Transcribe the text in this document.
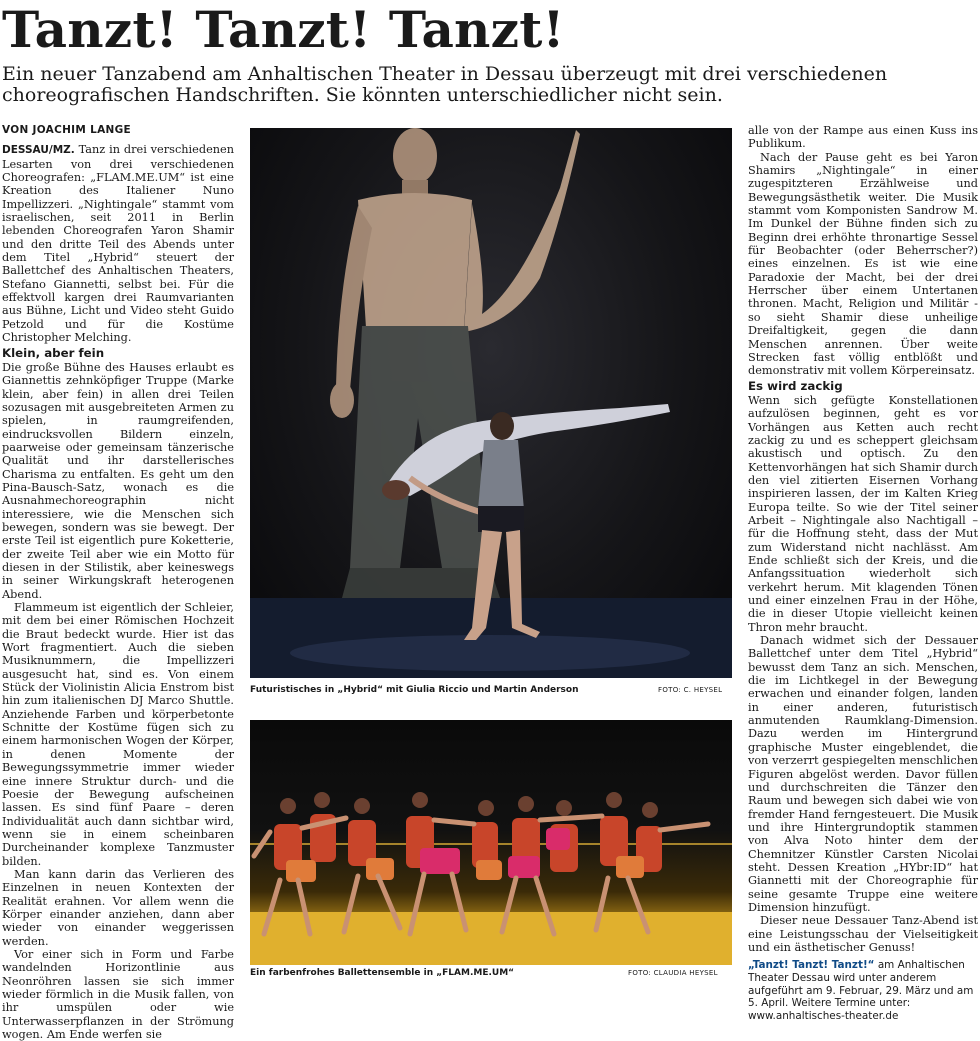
Tanzt! Tanzt! Tanzt!
Ein neuer Tanzabend am Anhaltischen Theater in Dessau überzeugt mit drei verschiedenen choreografischen Handschriften. Sie könnten unterschiedlicher nicht sein.
VON JOACHIM LANGE

DESSAU/MZ. Tanz in drei verschiedenen Lesarten von drei verschiedenen Choreografen: „FLAM.ME.UM“ ist eine Kreation des Italiener Nuno Impellizzeri. „Nightingale“ stammt vom israelischen, seit 2011 in Berlin lebenden Choreografen Yaron Shamir und den dritte Teil des Abends unter dem Titel „Hybrid“ steuert der Ballettchef des Anhaltischen Theaters, Stefano Giannetti, selbst bei. Für die effektvoll kargen drei Raumvarianten aus Bühne, Licht und Video steht Guido Petzold und für die Kostüme Christopher Melching.

Klein, aber fein

Die große Bühne des Hauses erlaubt es Giannettis zehnköpfiger Truppe (Marke klein, aber fein) in allen drei Teilen sozusagen mit ausgebreiteten Armen zu spielen, in raumgreifenden, eindrucksvollen Bildern einzeln, paarweise oder gemeinsam tänzerische Qualität und ihr darstellerisches Charisma zu entfalten. Es geht um den Pina-Bausch-Satz, wonach es die Ausnahmechoreographin nicht interessiere, wie die Menschen sich bewegen, sondern was sie bewegt. Der erste Teil ist eigentlich pure Koketterie, der zweite Teil aber wie ein Motto für diesen in der Stilistik, aber keineswegs in seiner Wirkungskraft heterogenen Abend.

Flammeum ist eigentlich der Schleier, mit dem bei einer Römischen Hochzeit die Braut bedeckt wurde. Hier ist das Wort fragmentiert. Auch die sieben Musiknummern, die Impellizzeri ausgesucht hat, sind es. Von einem Stück der Violinistin Alicia Enstrom bist hin zum italienischen DJ Marco Shuttle. Anziehende Farben und körperbetonte Schnitte der Kostüme fügen sich zu einem harmonischen Wogen der Körper, in denen Momente der Bewegungssymmetrie immer wieder eine innere Struktur durch- und die Poesie der Bewegung aufscheinen lassen. Es sind fünf Paare – deren Individualität auch dann sichtbar wird, wenn sie in einem scheinbaren Durcheinander komplexe Tanzmuster bilden.

Man kann darin das Verlieren des Einzelnen in neuen Kontexten der Realität erahnen. Vor allem wenn die Körper einander anziehen, dann aber wieder von einander weggerissen werden.

Vor einer sich in Form und Farbe wandelnden Horizontlinie aus Neonröhren lassen sie sich immer wieder förmlich in die Musik fallen, von ihr umspülen oder wie Unterwasserpflanzen in der Strömung wogen. Am Ende werfen sie

Futuristisches in „Hybrid“ mit Giulia Riccio und Martin Anderson	FOTO: C. HEYSEL
Ein farbenfrohes Ballettensemble in „FLAM.ME.UM“	FOTO: CLAUDIA HEYSEL

alle von der Rampe aus einen Kuss ins Publikum.

Nach der Pause geht es bei Yaron Shamirs „Nightingale“ in einer zugespitzteren Erzählweise und Bewegungsästhetik weiter. Die Musik stammt vom Komponisten Sandrow M. Im Dunkel der Bühne finden sich zu Beginn drei erhöhte thronartige Sessel für Beobachter (oder Beherrscher?) eines einzelnen. Es ist wie eine Paradoxie der Macht, bei der drei Herrscher über einem Untertanen thronen. Macht, Religion und Militär - so sieht Shamir diese unheilige Dreifaltigkeit, gegen die dann Menschen anrennen. Über weite Strecken fast völlig entblößt und demonstrativ mit vollem Körpereinsatz.

Es wird zackig

Wenn sich gefügte Konstellationen aufzulösen beginnen, geht es vor Vorhängen aus Ketten auch recht zackig zu und es scheppert gleichsam akustisch und optisch. Zu den Kettenvorhängen hat sich Shamir durch den viel zitierten Eisernen Vorhang inspirieren lassen, der im Kalten Krieg Europa teilte. So wie der Titel seiner Arbeit – Nightingale also Nachtigall – für die Hoffnung steht, dass der Mut zum Widerstand nicht nachlässt. Am Ende schließt sich der Kreis, und die Anfangssituation wiederholt sich verkehrt herum. Mit klagenden Tönen und einer einzelnen Frau in der Höhe, die in dieser Utopie vielleicht keinen Thron mehr braucht.

Danach widmet sich der Dessauer Ballettchef unter dem Titel „Hybrid“ bewusst dem Tanz an sich. Menschen, die im Lichtkegel in der Bewegung erwachen und einander folgen, landen in einer anderen, futuristisch anmutenden Raumklang-Dimension. Dazu werden im Hintergrund graphische Muster eingeblendet, die von verzerrt gespiegelten menschlichen Figuren abgelöst werden. Davor füllen und durchschreiten die Tänzer den Raum und bewegen sich dabei wie von fremder Hand ferngesteuert. Die Musik und ihre Hintergrundoptik stammen von Alva Noto hinter dem der Chemnitzer Künstler Carsten Nicolai steht. Dessen Kreation „HYbr:ID“ hat Giannetti mit der Choreographie für seine gesamte Truppe eine weitere Dimension hinzufügt.

Dieser neue Dessauer Tanz-Abend ist eine Leistungsschau der Vielseitigkeit und ein ästhetischer Genuss!

„Tanzt! Tanzt! Tanzt!“ am Anhaltischen Theater Dessau wird unter anderem aufgeführt am 9. Februar, 29. März und am 5. April. Weitere Termine unter: www.anhaltisches-theater.de
